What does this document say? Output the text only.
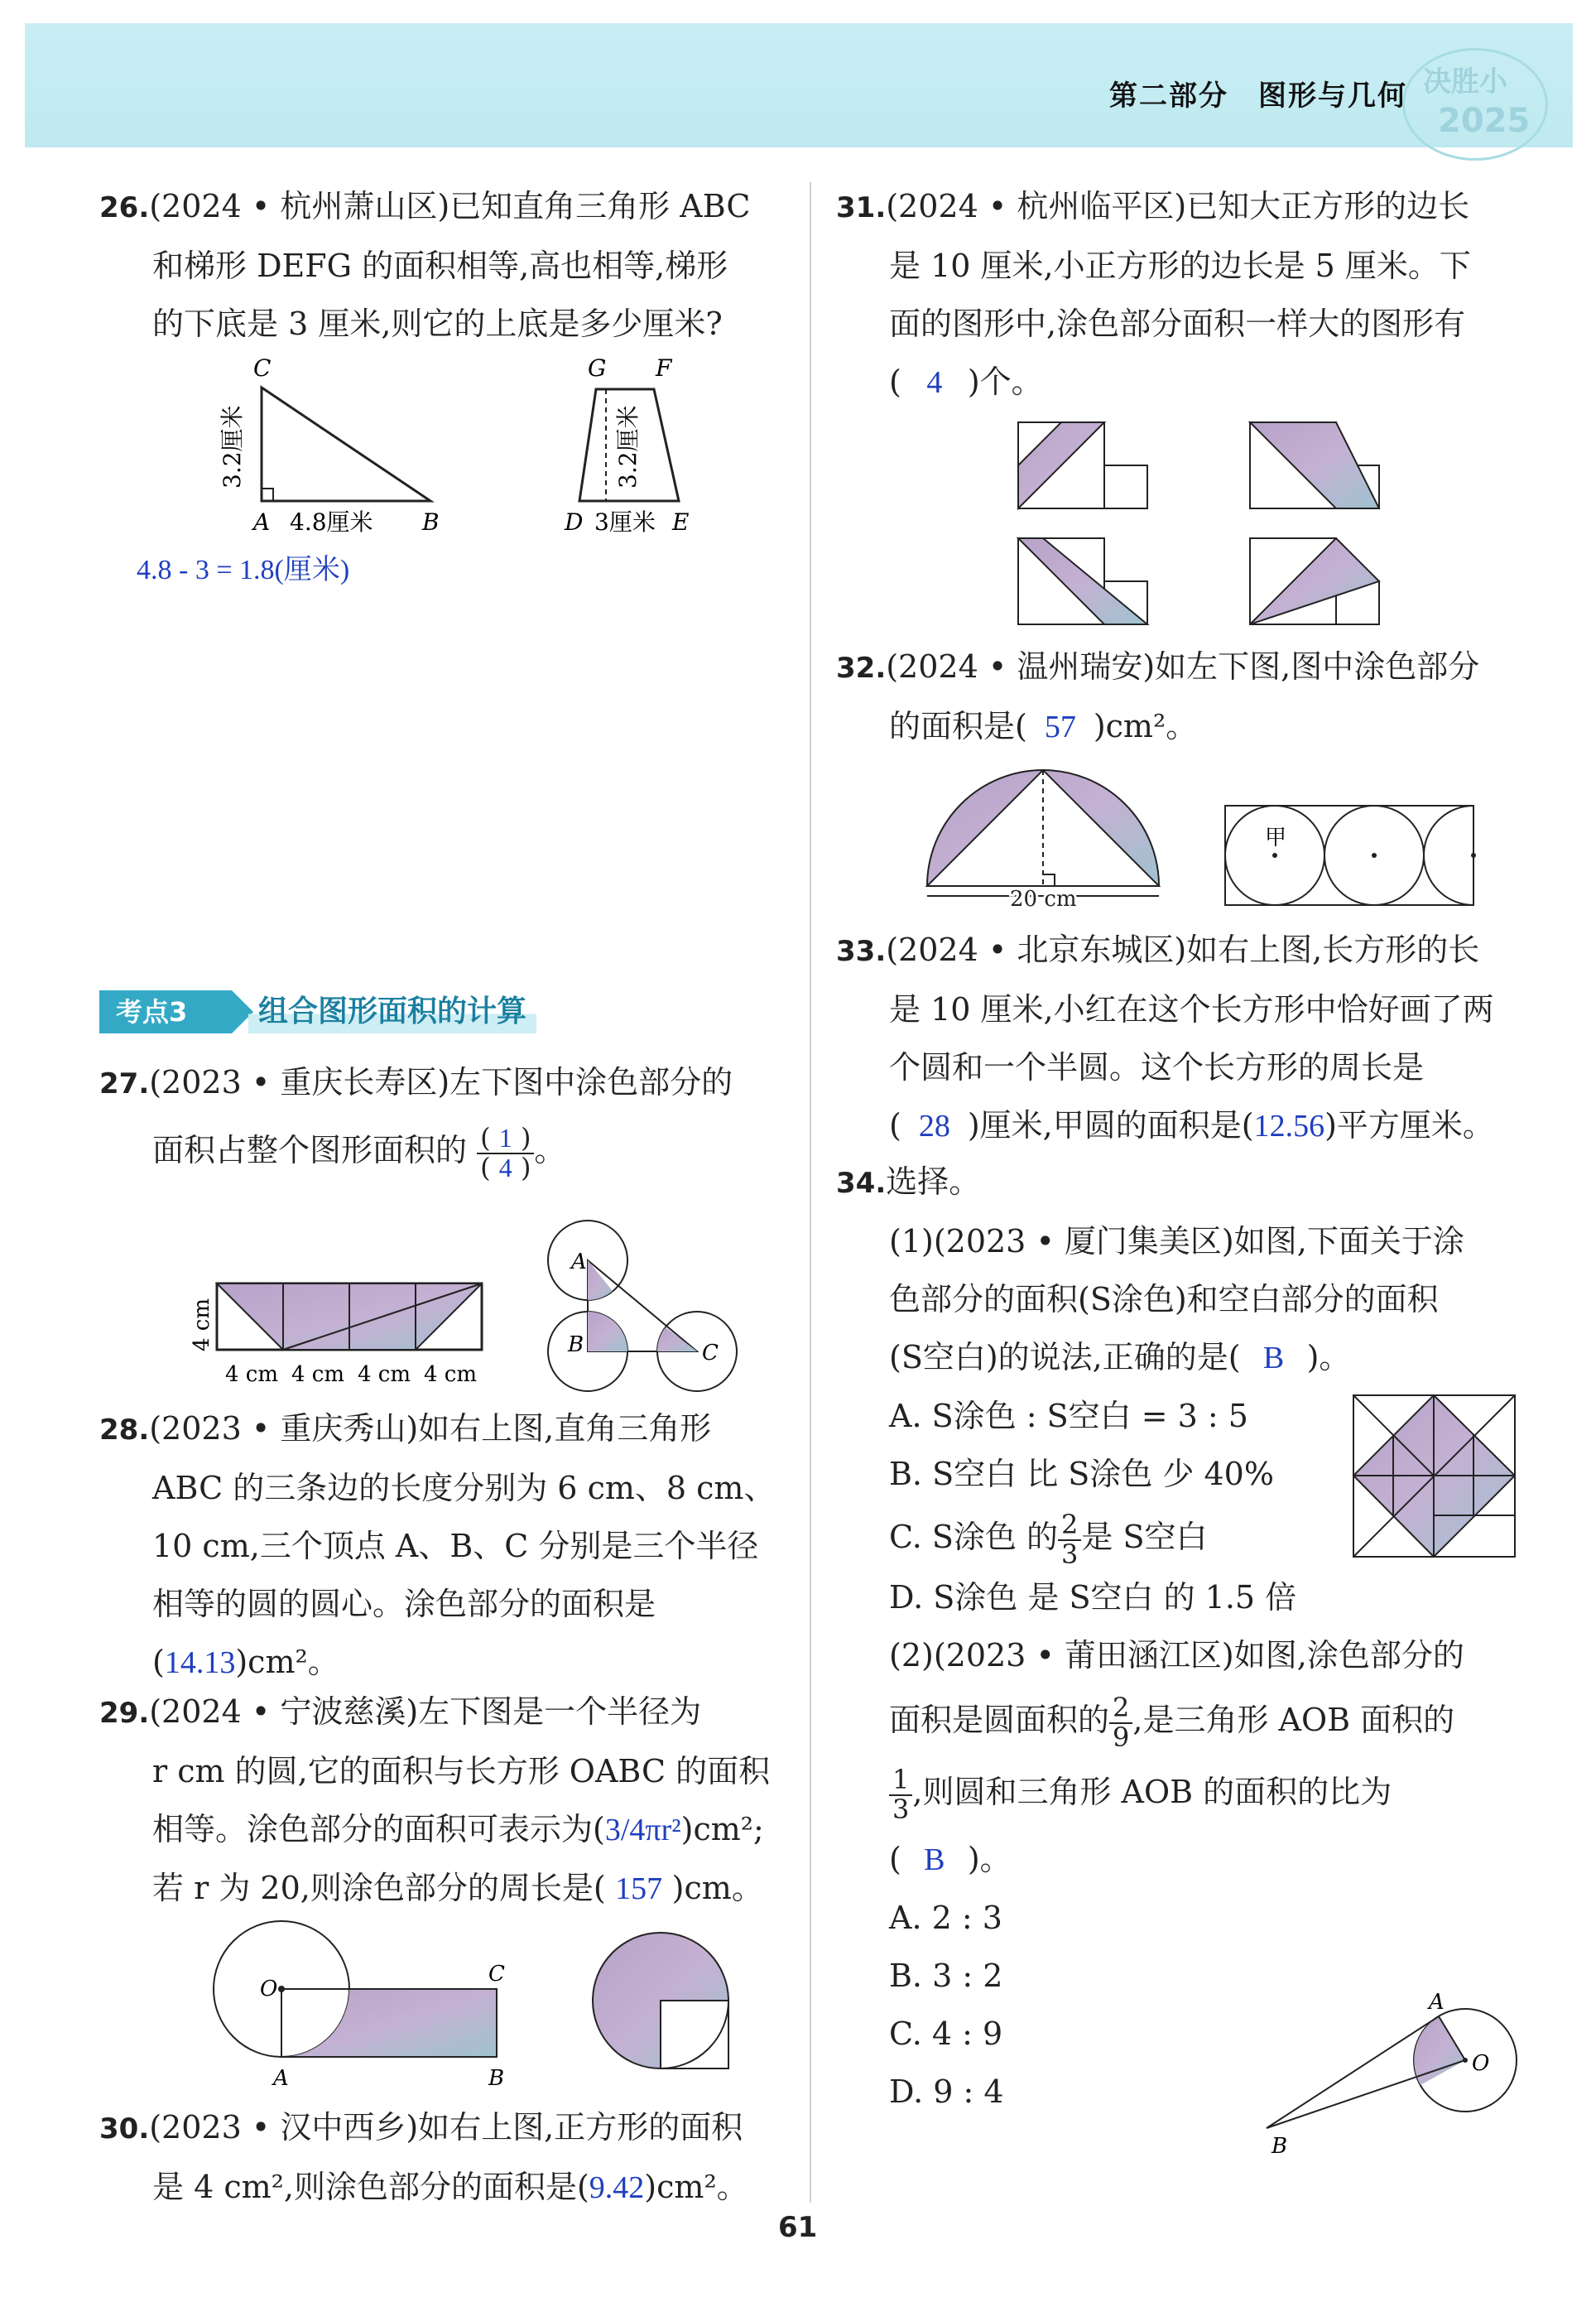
第二部分　图形与几何 决胜小
2025
26.(2024 • 杭州萧山区)已知直角三角形 ABC
和梯形 DEFG 的面积相等,高也相等,梯形
的下底是 3 厘米,则它的上底是多少厘米?
C
A	B
3.2厘米
4.8厘米
G F
D	E
3.2厘米
3厘米
4.8 - 3 = 1.8(厘米)
考点3	组合图形面积的计算
27.(2023 • 重庆长寿区)左下图中涂色部分的
面积占整个图形面积的 $\frac{( 1 )}{( 4 )}$ 。
4 cm
4 cm 4 cm 4 cm 4 cm
A
B	C
28.(2023 • 重庆秀山)如右上图,直角三角形
ABC 的三条边的长度分别为 6 cm、8 cm、
10 cm,三个顶点 A、B、C 分别是三个半径
相等的圆的圆心。涂色部分的面积是
(14.13)cm²。
29.(2024 • 宁波慈溪)左下图是一个半径为
r cm 的圆,它的面积与长方形 OABC 的面积
相等。涂色部分的面积可表示为(3/4πr²)cm²;
若 r 为 20,则涂色部分的周长是( 157 )cm。
O
A	B
C
30.(2023 • 汉中西乡)如右上图,正方形的面积
是 4 cm²,则涂色部分的面积是(9.42)cm²。
31.(2024 • 杭州临平区)已知大正方形的边长
是 10 厘米,小正方形的边长是 5 厘米。下
面的图形中,涂色部分面积一样大的图形有
( 4 )个。
32.(2024 • 温州瑞安)如左下图,图中涂色部分
的面积是( 57 )cm²。
20 cm
甲
33.(2024 • 北京东城区)如右上图,长方形的长
是 10 厘米,小红在这个长方形中恰好画了两
个圆和一个半圆。这个长方形的周长是
( 28 )厘米,甲圆的面积是(12.56)平方厘米。
34.选择。
(1)(2023 • 厦门集美区)如图,下面关于涂
色部分的面积(S涂色)和空白部分的面积
(S空白)的说法,正确的是( B )。
A. S涂色 : S空白 = 3 : 5
B. S空白 比 S涂色 少 40%
C. S涂色 的 $\frac{2}{3}$ 是 S空白
D. S涂色 是 S空白 的 1.5 倍
(2)(2023 • 莆田涵江区)如图,涂色部分的
面积是圆面积的 $\frac{2}{9}$ ,是三角形 AOB 面积的
$\frac{1}{3}$ ,则圆和三角形 AOB 的面积的比为
( B )。
A. 2 : 3
B. 3 : 2
C. 4 : 9
D. 9 : 4
A
O
B
61
